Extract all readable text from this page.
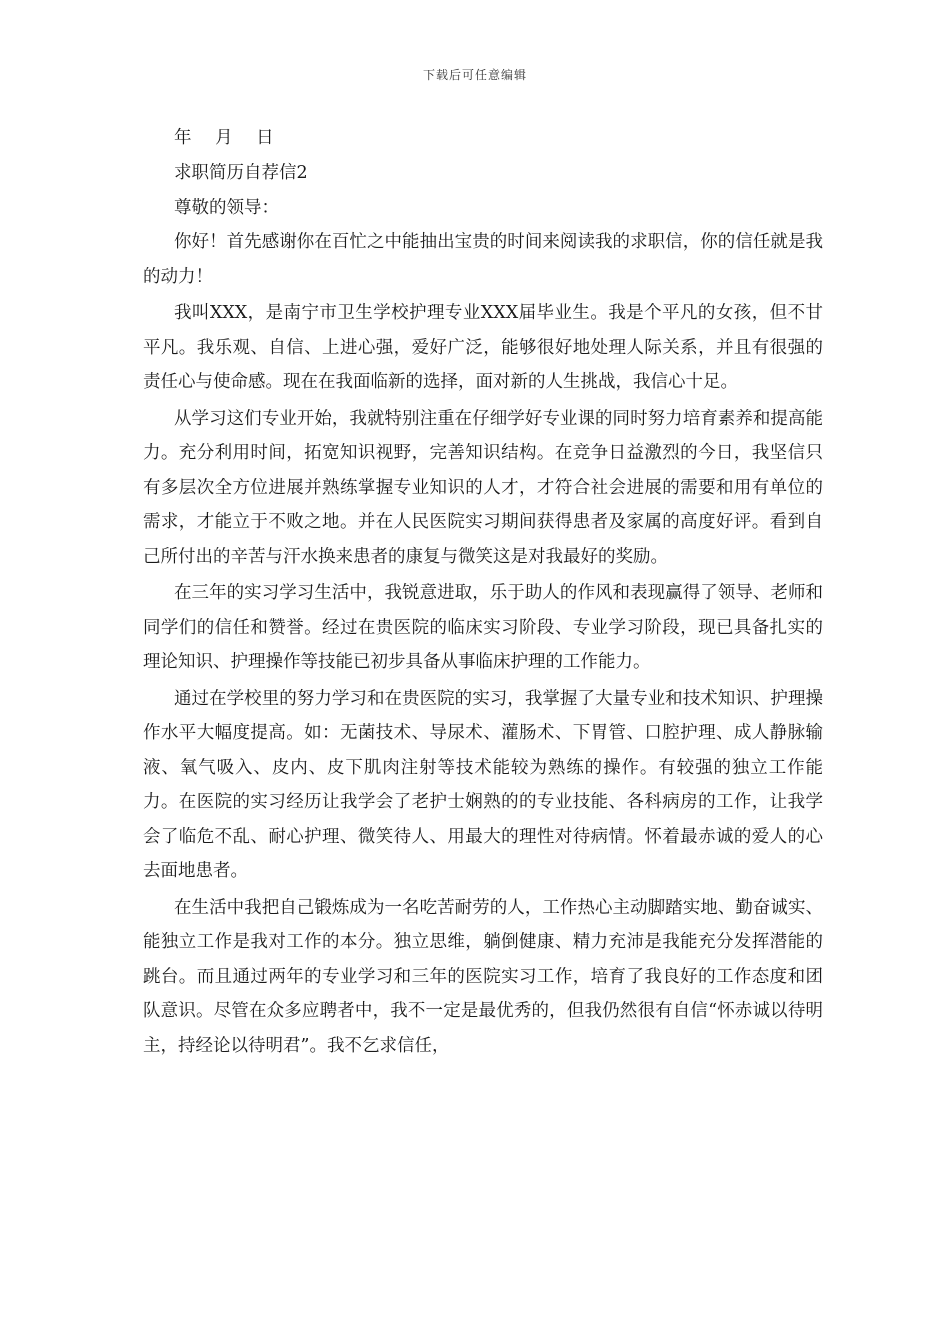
下载后可任意编辑

年 月 日

求职简历自荐信2

尊敬的领导：

你好！首先感谢你在百忙之中能抽出宝贵的时间来阅读我的求职信，你的信任就是我的动力！

我叫XXX，是南宁市卫生学校护理专业XXX届毕业生。我是个平凡的女孩，但不甘平凡。我乐观、自信、上进心强，爱好广泛，能够很好地处理人际关系，并且有很强的责任心与使命感。现在在我面临新的选择，面对新的人生挑战，我信心十足。

从学习这们专业开始，我就特别注重在仔细学好专业课的同时努力培育素养和提高能力。充分利用时间，拓宽知识视野，完善知识结构。在竞争日益激烈的今日，我坚信只有多层次全方位进展并熟练掌握专业知识的人才，才符合社会进展的需要和用有单位的需求，才能立于不败之地。并在人民医院实习期间获得患者及家属的高度好评。看到自己所付出的辛苦与汗水换来患者的康复与微笑这是对我最好的奖励。

在三年的实习学习生活中，我锐意进取，乐于助人的作风和表现赢得了领导、老师和同学们的信任和赞誉。经过在贵医院的临床实习阶段、专业学习阶段，现已具备扎实的理论知识、护理操作等技能已初步具备从事临床护理的工作能力。

通过在学校里的努力学习和在贵医院的实习，我掌握了大量专业和技术知识、护理操作水平大幅度提高。如：无菌技术、导尿术、灌肠术、下胃管、口腔护理、成人静脉输液、氧气吸入、皮内、皮下肌肉注射等技术能较为熟练的操作。有较强的独立工作能力。在医院的实习经历让我学会了老护士娴熟的的专业技能、各科病房的工作，让我学会了临危不乱、耐心护理、微笑待人、用最大的理性对待病情。怀着最赤诚的爱人的心去面地患者。

在生活中我把自己锻炼成为一名吃苦耐劳的人，工作热心主动脚踏实地、勤奋诚实、能独立工作是我对工作的本分。独立思维，躺倒健康、精力充沛是我能充分发挥潜能的跳台。而且通过两年的专业学习和三年的医院实习工作，培育了我良好的工作态度和团队意识。尽管在众多应聘者中，我不一定是最优秀的，但我仍然很有自信“怀赤诚以待明主，持经论以待明君”。我不乞求信任，
